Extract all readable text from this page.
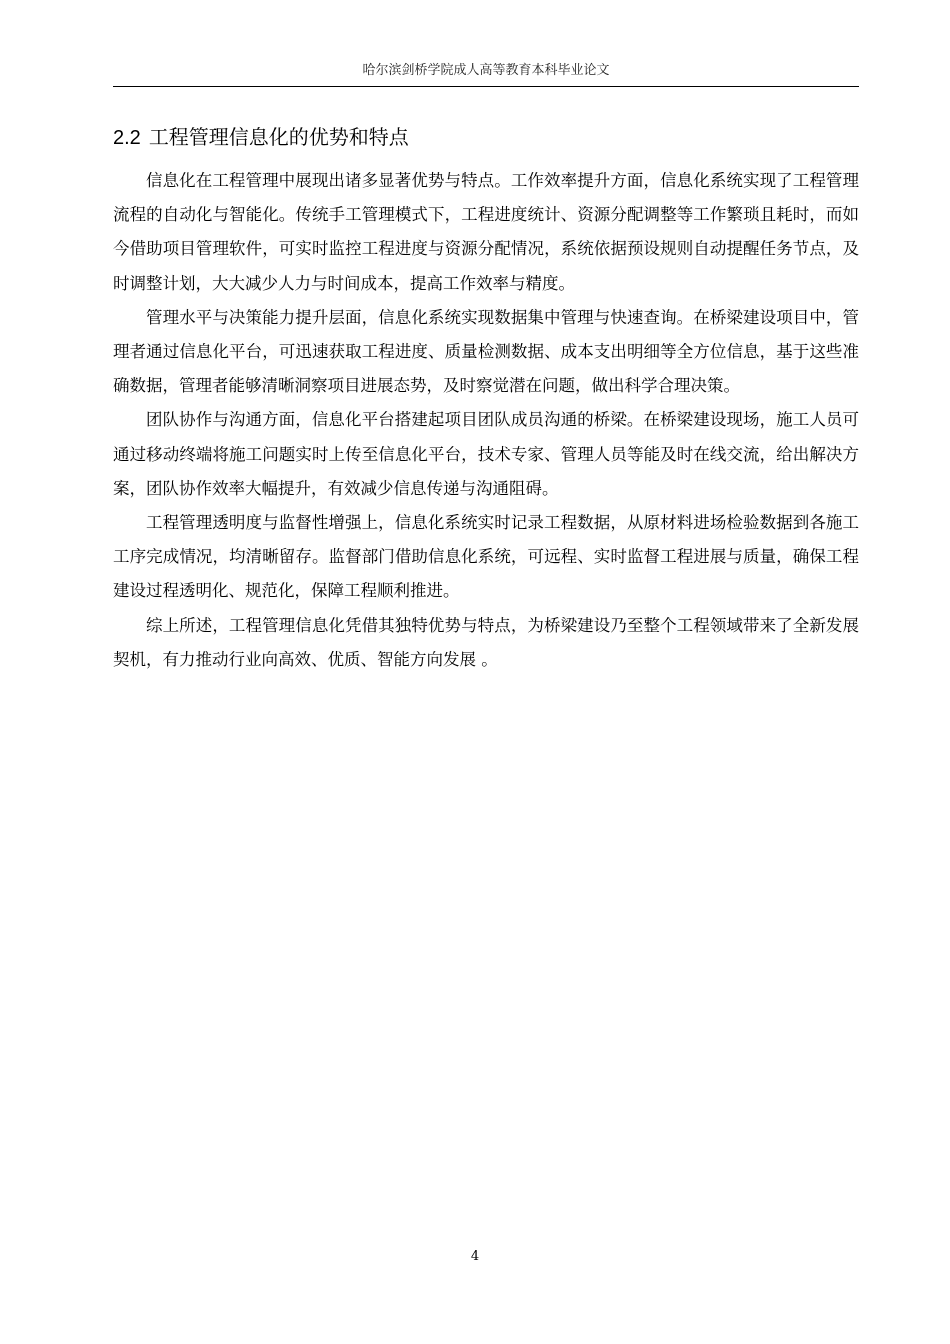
哈尔滨剑桥学院成人高等教育本科毕业论文
2.2 工程管理信息化的优势和特点

信息化在工程管理中展现出诸多显著优势与特点。工作效率提升方面，信息化系统实现了工程管理流程的自动化与智能化。传统手工管理模式下，工程进度统计、资源分配调整等工作繁琐且耗时，而如今借助项目管理软件，可实时监控工程进度与资源分配情况，系统依据预设规则自动提醒任务节点，及时调整计划，大大减少人力与时间成本，提高工作效率与精度。

管理水平与决策能力提升层面，信息化系统实现数据集中管理与快速查询。在桥梁建设项目中，管理者通过信息化平台，可迅速获取工程进度、质量检测数据、成本支出明细等全方位信息，基于这些准确数据，管理者能够清晰洞察项目进展态势，及时察觉潜在问题，做出科学合理决策。

团队协作与沟通方面，信息化平台搭建起项目团队成员沟通的桥梁。在桥梁建设现场，施工人员可通过移动终端将施工问题实时上传至信息化平台，技术专家、管理人员等能及时在线交流，给出解决方案，团队协作效率大幅提升，有效减少信息传递与沟通阻碍。

工程管理透明度与监督性增强上，信息化系统实时记录工程数据，从原材料进场检验数据到各施工工序完成情况，均清晰留存。监督部门借助信息化系统，可远程、实时监督工程进展与质量，确保工程建设过程透明化、规范化，保障工程顺利推进。

综上所述，工程管理信息化凭借其独特优势与特点，为桥梁建设乃至整个工程领域带来了全新发展契机，有力推动行业向高效、优质、智能方向发展 。

4
